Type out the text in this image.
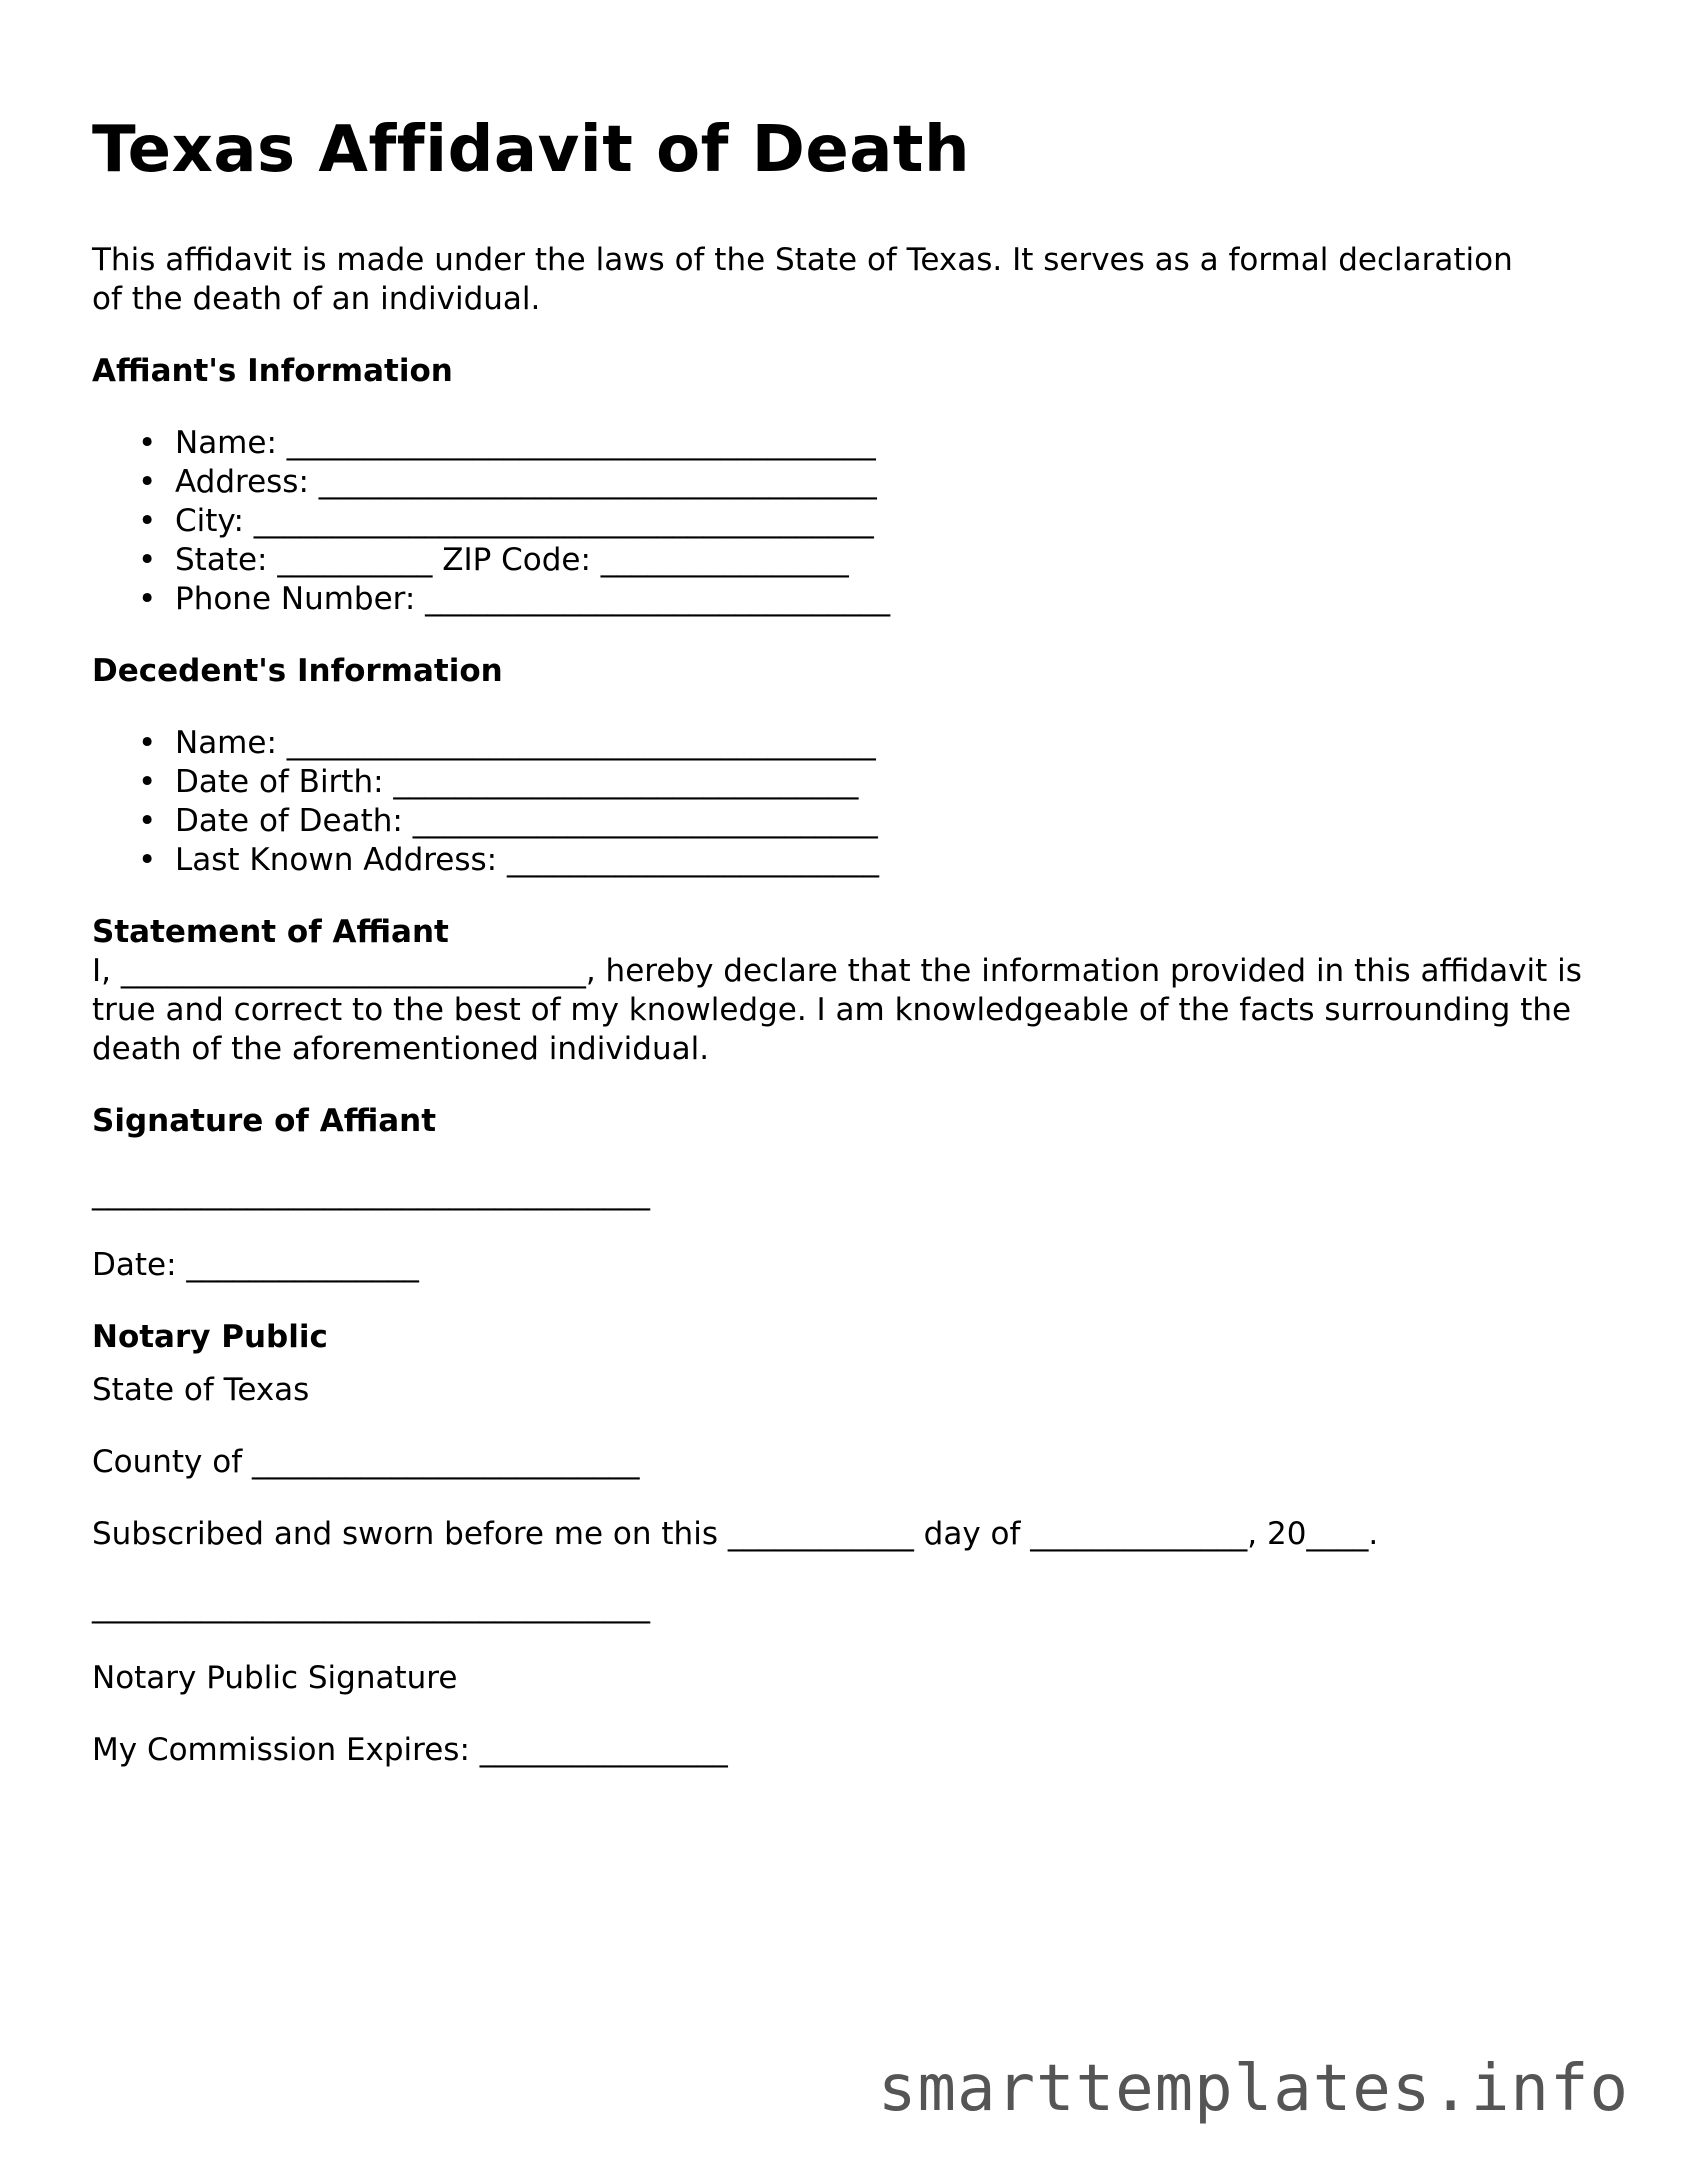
Texas Affidavit of Death

This affidavit is made under the laws of the State of Texas. It serves as a formal declaration of the death of an individual.

Affiant's Information
• Name: ______________________________________
• Address: ____________________________________
• City: ________________________________________
• State: __________ ZIP Code: ________________
• Phone Number: ______________________________
Decedent's Information
• Name: ______________________________________
• Date of Birth: ______________________________
• Date of Death: ______________________________
• Last Known Address: ________________________
Statement of Affiant

I, ______________________________, hereby declare that the information provided in this affidavit is true and correct to the best of my knowledge. I am knowledgeable of the facts surrounding the death of the aforementioned individual.

Signature of Affiant
____________________________________
Date: _______________
Notary Public

State of Texas

County of _________________________

Subscribed and sworn before me on this ____________ day of ______________, 20____.

____________________________________

Notary Public Signature

My Commission Expires: ________________

smarttemplates.info
